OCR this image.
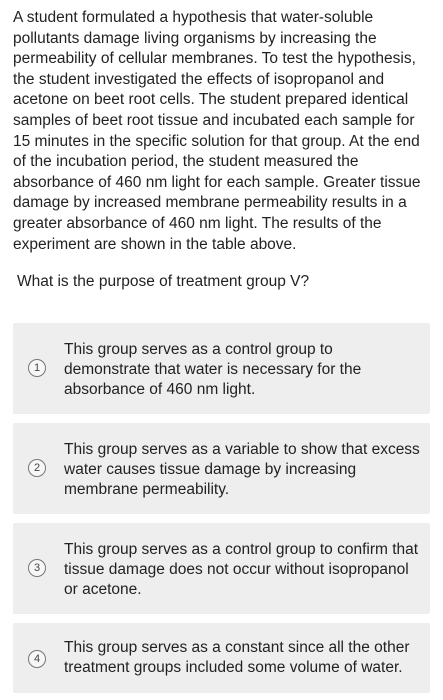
A student formulated a hypothesis that water-soluble pollutants damage living organisms by increasing the permeability of cellular membranes. To test the hypothesis, the student investigated the effects of isopropanol and acetone on beet root cells. The student prepared identical samples of beet root tissue and incubated each sample for 15 minutes in the specific solution for that group. At the end of the incubation period, the student measured the absorbance of 460 nm light for each sample. Greater tissue damage by increased membrane permeability results in a greater absorbance of 460 nm light. The results of the experiment are shown in the table above.

What is the purpose of treatment group V?

1
This group serves as a control group to demonstrate that water is necessary for the absorbance of 460 nm light.
2
This group serves as a variable to show that excess water causes tissue damage by increasing membrane permeability.
3
This group serves as a control group to confirm that tissue damage does not occur without isopropanol or acetone.
4
This group serves as a constant since all the other treatment groups included some volume of water.
